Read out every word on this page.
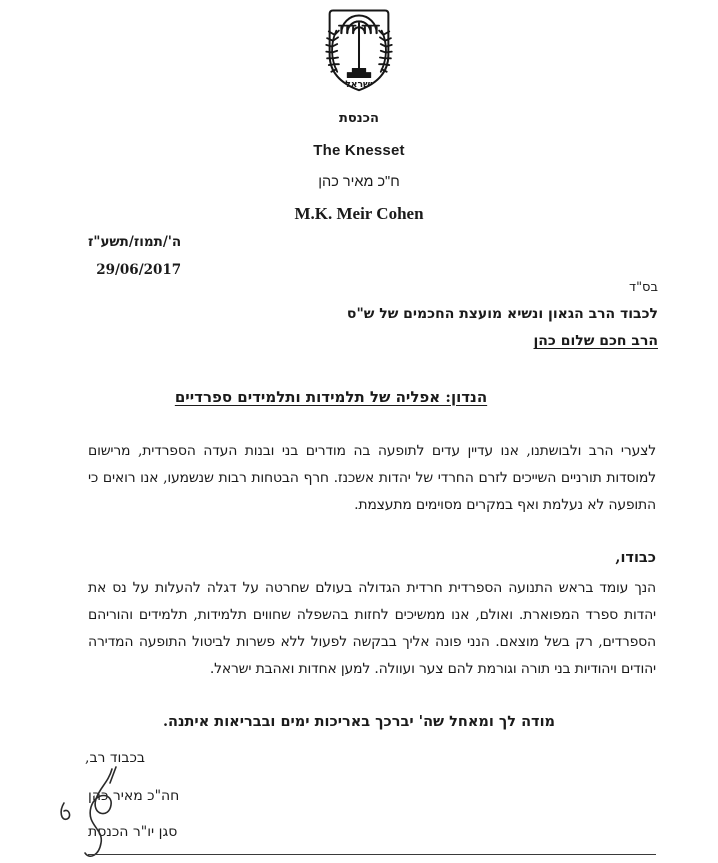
ישראל
הכנסת
The Knesset
ח"כ מאיר כהן
M.K. Meir Cohen
ה'/תמוז/תשע"ז
29/06/2017
בס"ד
לכבוד הרב הגאון ונשיא מועצת החכמים של ש"ס
הרב חכם שלום כהן
הנדון: אפליה של תלמידות ותלמידים ספרדיים

לצערי הרב ולבושתנו, אנו עדיין עדים לתופעה בה מודרים בני ובנות העדה הספרדית, מרישום למוסדות תורניים השייכים לזרם החרדי של יהדות אשכנז. חרף הבטחות רבות שנשמעו, אנו רואים כי התופעה לא נעלמת ואף במקרים מסוימים מתעצמת.

כבודו,

הנך עומד בראש התנועה הספרדית חרדית הגדולה בעולם שחרטה על דגלה להעלות על נס את יהדות ספרד המפוארת. ואולם, אנו ממשיכים לחזות בהשפלה שחווים תלמידות, תלמידים והוריהם הספרדים, רק בשל מוצאם. הנני פונה אליך בבקשה לפעול ללא פשרות לביטול התופעה המדירה יהודים ויהודיות בני תורה וגורמת להם צער ועוולה. למען אחדות ואהבת ישראל.

מודה לך ומאחל שה' יברכך באריכות ימים ובבריאות איתנה.
בכבוד רב,
חה"כ מאיר כהן
סגן יו"ר הכנסת
